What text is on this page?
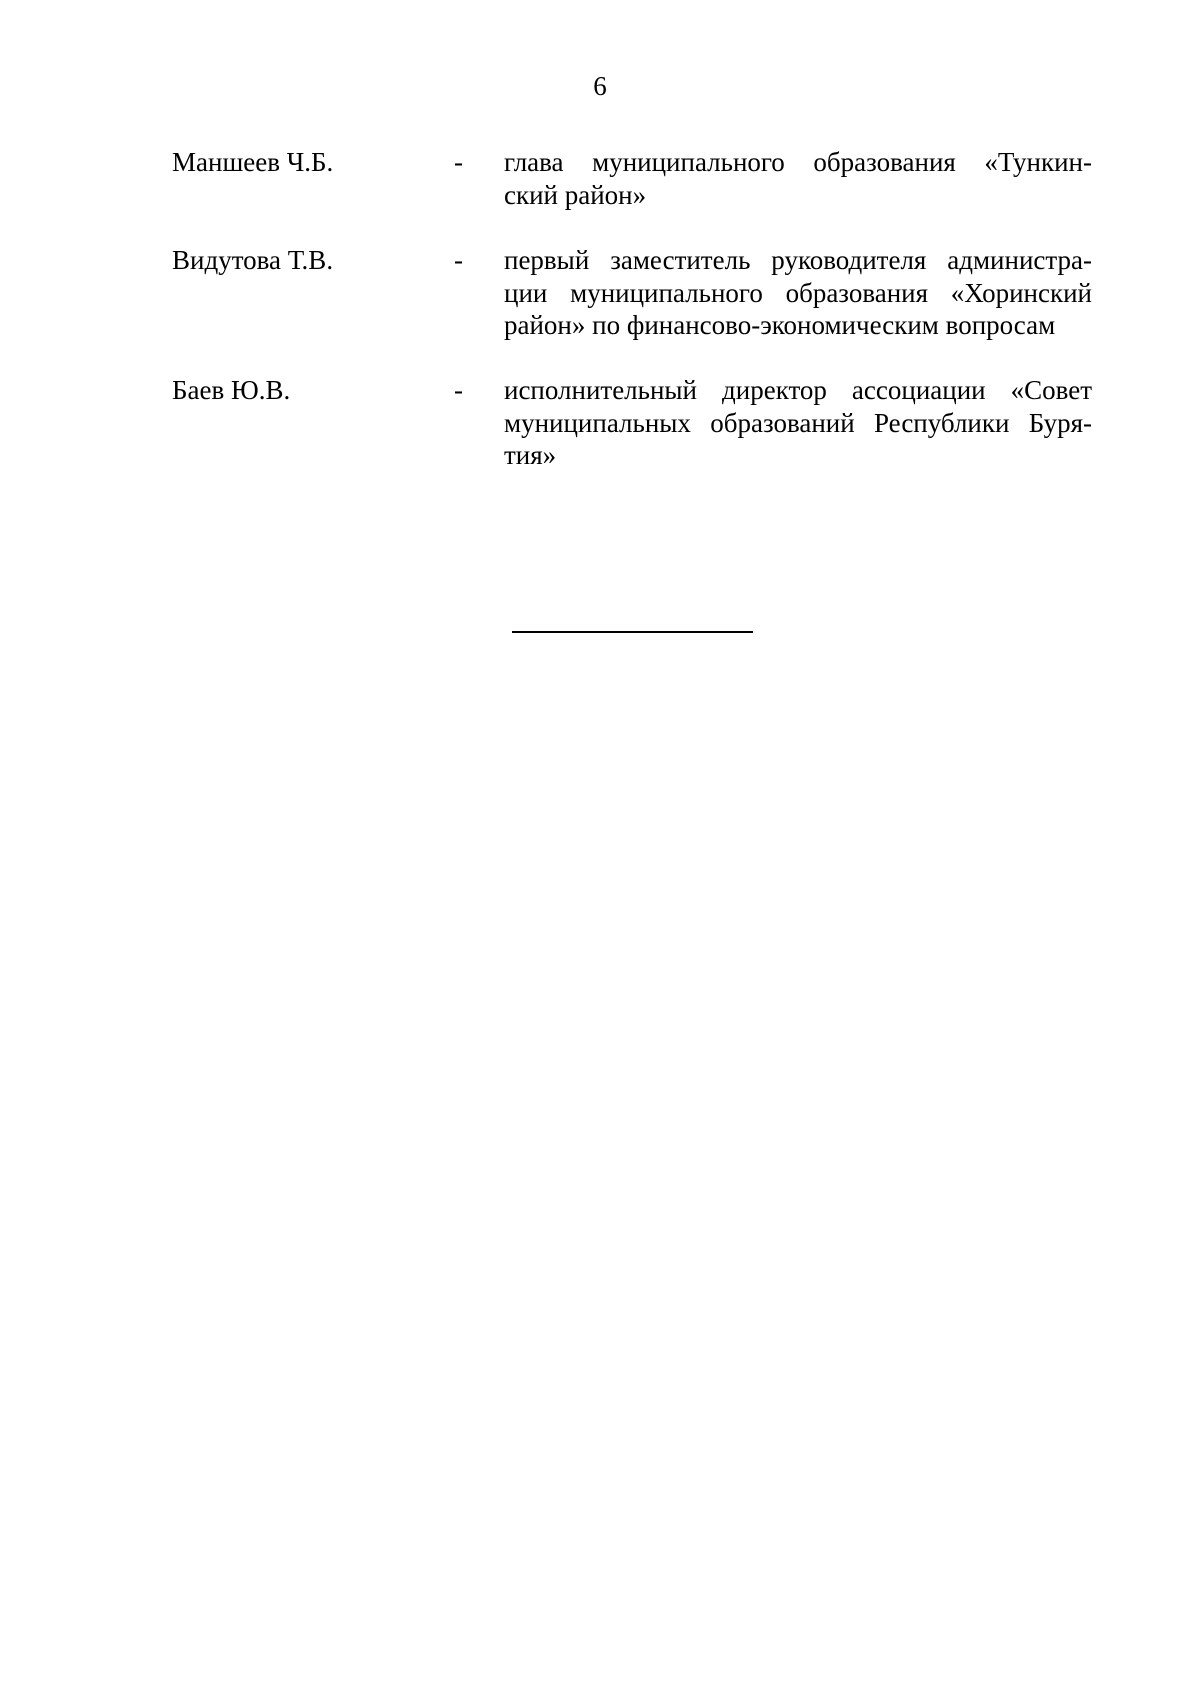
6
Маншеев Ч.Б.	- глава муниципального образования «Тункин-
ский район»
Видутова Т.В.	- первый заместитель руководителя администра-
ции муниципального образования «Хоринский
район» по финансово-экономическим вопросам
Баев Ю.В.	- исполнительный директор ассоциации «Совет
муниципальных образований Республики Буря-
тия»
